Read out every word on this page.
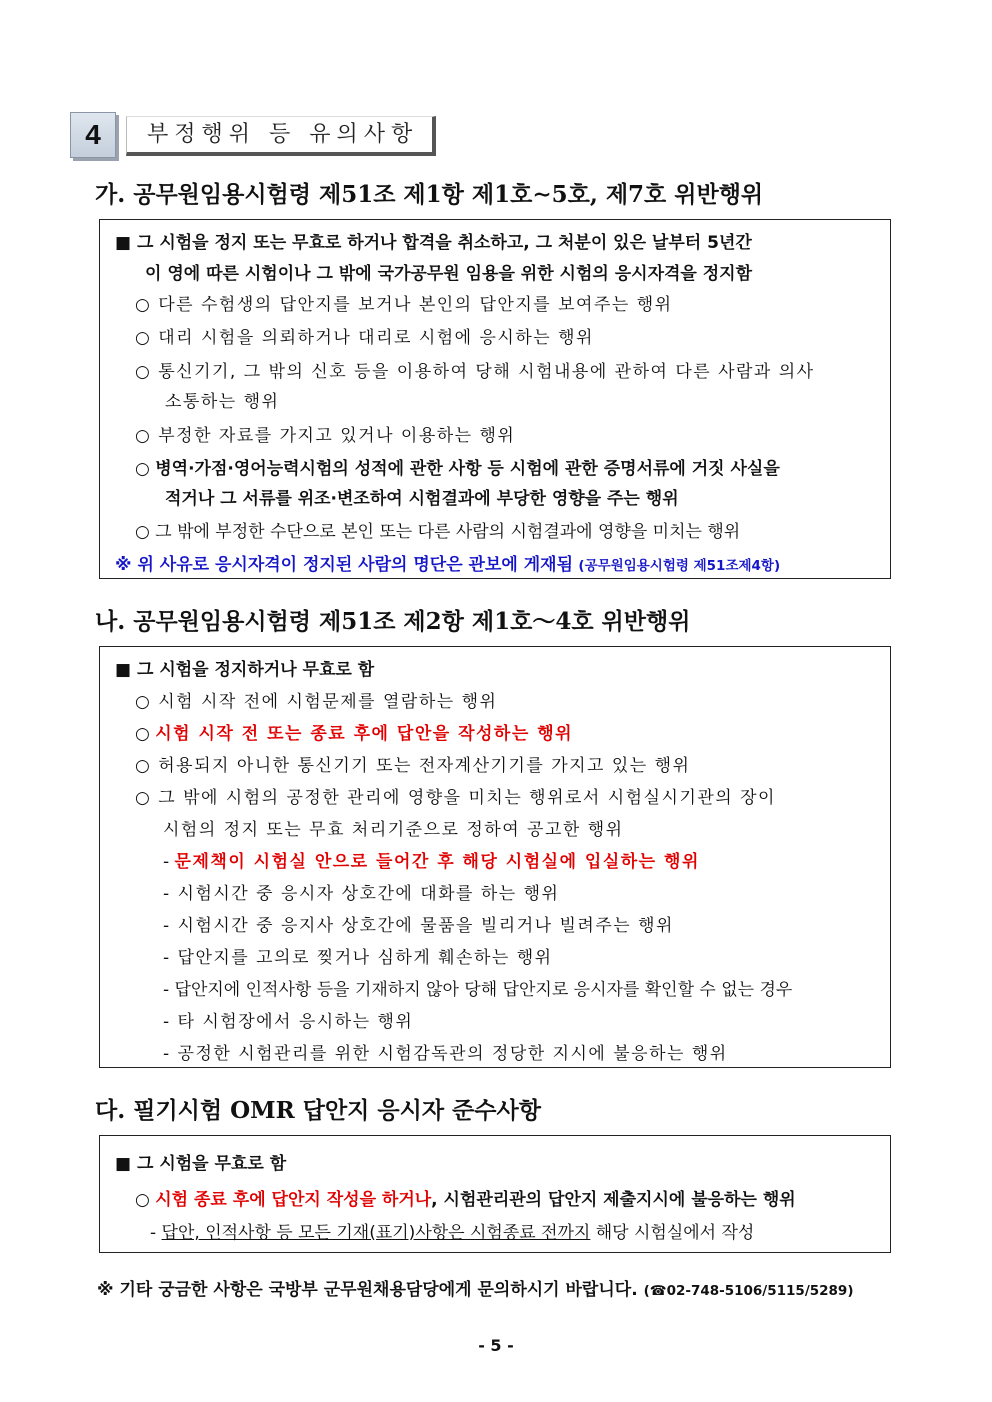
4	부정행위 등 유의사항
가. 공무원임용시험령 제51조 제1항 제1호∼5호, 제7호 위반행위
■ 그 시험을 정지 또는 무효로 하거나 합격을 취소하고, 그 처분이 있은 날부터 5년간
이 영에 따른 시험이나 그 밖에 국가공무원 임용을 위한 시험의 응시자격을 정지함
○ 다른 수험생의 답안지를 보거나 본인의 답안지를 보여주는 행위
○ 대리 시험을 의뢰하거나 대리로 시험에 응시하는 행위
○ 통신기기, 그 밖의 신호 등을 이용하여 당해 시험내용에 관하여 다른 사람과 의사
소통하는 행위
○ 부정한 자료를 가지고 있거나 이용하는 행위
○ 병역·가점·영어능력시험의 성적에 관한 사항 등 시험에 관한 증명서류에 거짓 사실을
적거나 그 서류를 위조·변조하여 시험결과에 부당한 영향을 주는 행위
○ 그 밖에 부정한 수단으로 본인 또는 다른 사람의 시험결과에 영향을 미치는 행위
※ 위 사유로 응시자격이 정지된 사람의 명단은 관보에 게재됨 (공무원임용시험령 제51조제4항)
나. 공무원임용시험령 제51조 제2항 제1호～4호 위반행위
■ 그 시험을 정지하거나 무효로 함
○ 시험 시작 전에 시험문제를 열람하는 행위
○ 시험 시작 전 또는 종료 후에 답안을 작성하는 행위
○ 허용되지 아니한 통신기기 또는 전자계산기기를 가지고 있는 행위
○ 그 밖에 시험의 공정한 관리에 영향을 미치는 행위로서 시험실시기관의 장이
시험의 정지 또는 무효 처리기준으로 정하여 공고한 행위
- 문제책이 시험실 안으로 들어간 후 해당 시험실에 입실하는 행위
- 시험시간 중 응시자 상호간에 대화를 하는 행위
- 시험시간 중 응지사 상호간에 물품을 빌리거나 빌려주는 행위
- 답안지를 고의로 찢거나 심하게 훼손하는 행위
- 답안지에 인적사항 등을 기재하지 않아 당해 답안지로 응시자를 확인할 수 없는 경우
- 타 시험장에서 응시하는 행위
- 공정한 시험관리를 위한 시험감독관의 정당한 지시에 불응하는 행위
다. 필기시험 OMR 답안지 응시자 준수사항
■ 그 시험을 무효로 함
○ 시험 종료 후에 답안지 작성을 하거나, 시험관리관의 답안지 제출지시에 불응하는 행위
- 답안, 인적사항 등 모든 기재(표기)사항은 시험종료 전까지 해당 시험실에서 작성
※ 기타 궁금한 사항은 국방부 군무원채용담당에게 문의하시기 바랍니다. (☎02-748-5106/5115/5289)
- 5 -
